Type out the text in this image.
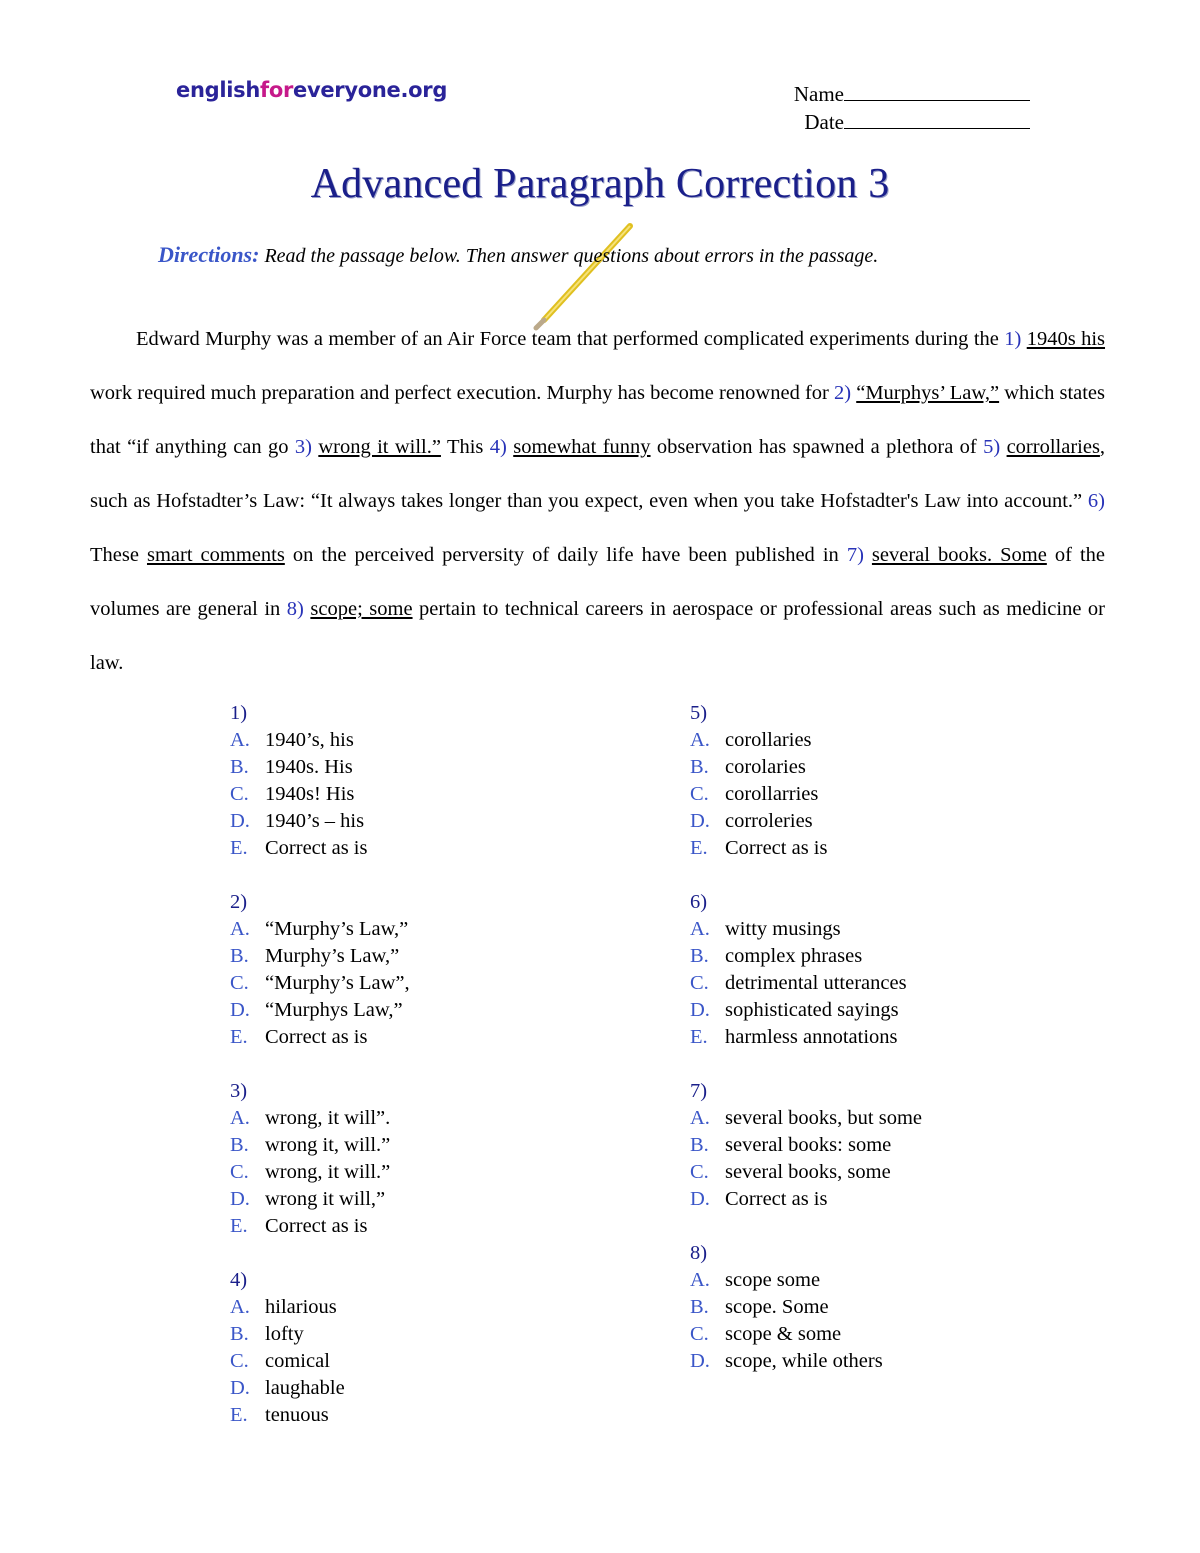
englishforeveryone.org	Name
Date
Advanced Paragraph Correction 3
Directions: Read the passage below. Then answer questions about errors in the passage.

Edward Murphy was a member of an Air Force team that performed complicated experiments during the 1) 1940s his work required much preparation and perfect execution. Murphy has become renowned for 2) “Murphys’ Law,” which states that “if anything can go 3) wrong it will.” This 4) somewhat funny observation has spawned a plethora of 5) corrollaries, such as Hofstadter’s Law: “It always takes longer than you expect, even when you take Hofstadter's Law into account.” 6) These smart comments on the perceived perversity of daily life have been published in 7) several books. Some of the volumes are general in 8) scope; some pertain to technical careers in aerospace or professional areas such as medicine or law.

1)
A. 1940’s, his
B. 1940s. His
C. 1940s! His
D. 1940’s – his
E. Correct as is
2)
A. “Murphy’s Law,”
B. Murphy’s Law,”
C. “Murphy’s Law”,
D. “Murphys Law,”
E. Correct as is
3)
A. wrong, it will”.
B. wrong it, will.”
C. wrong, it will.”
D. wrong it will,”
E. Correct as is
4)
A. hilarious
B. lofty
C. comical
D. laughable
E. tenuous
5)
A. corollaries
B. corolaries
C. corollarries
D. corroleries
E. Correct as is
6)
A. witty musings
B. complex phrases
C. detrimental utterances
D. sophisticated sayings
E. harmless annotations
7)
A. several books, but some
B. several books: some
C. several books, some
D. Correct as is
8)
A. scope some
B. scope. Some
C. scope & some
D. scope, while others
